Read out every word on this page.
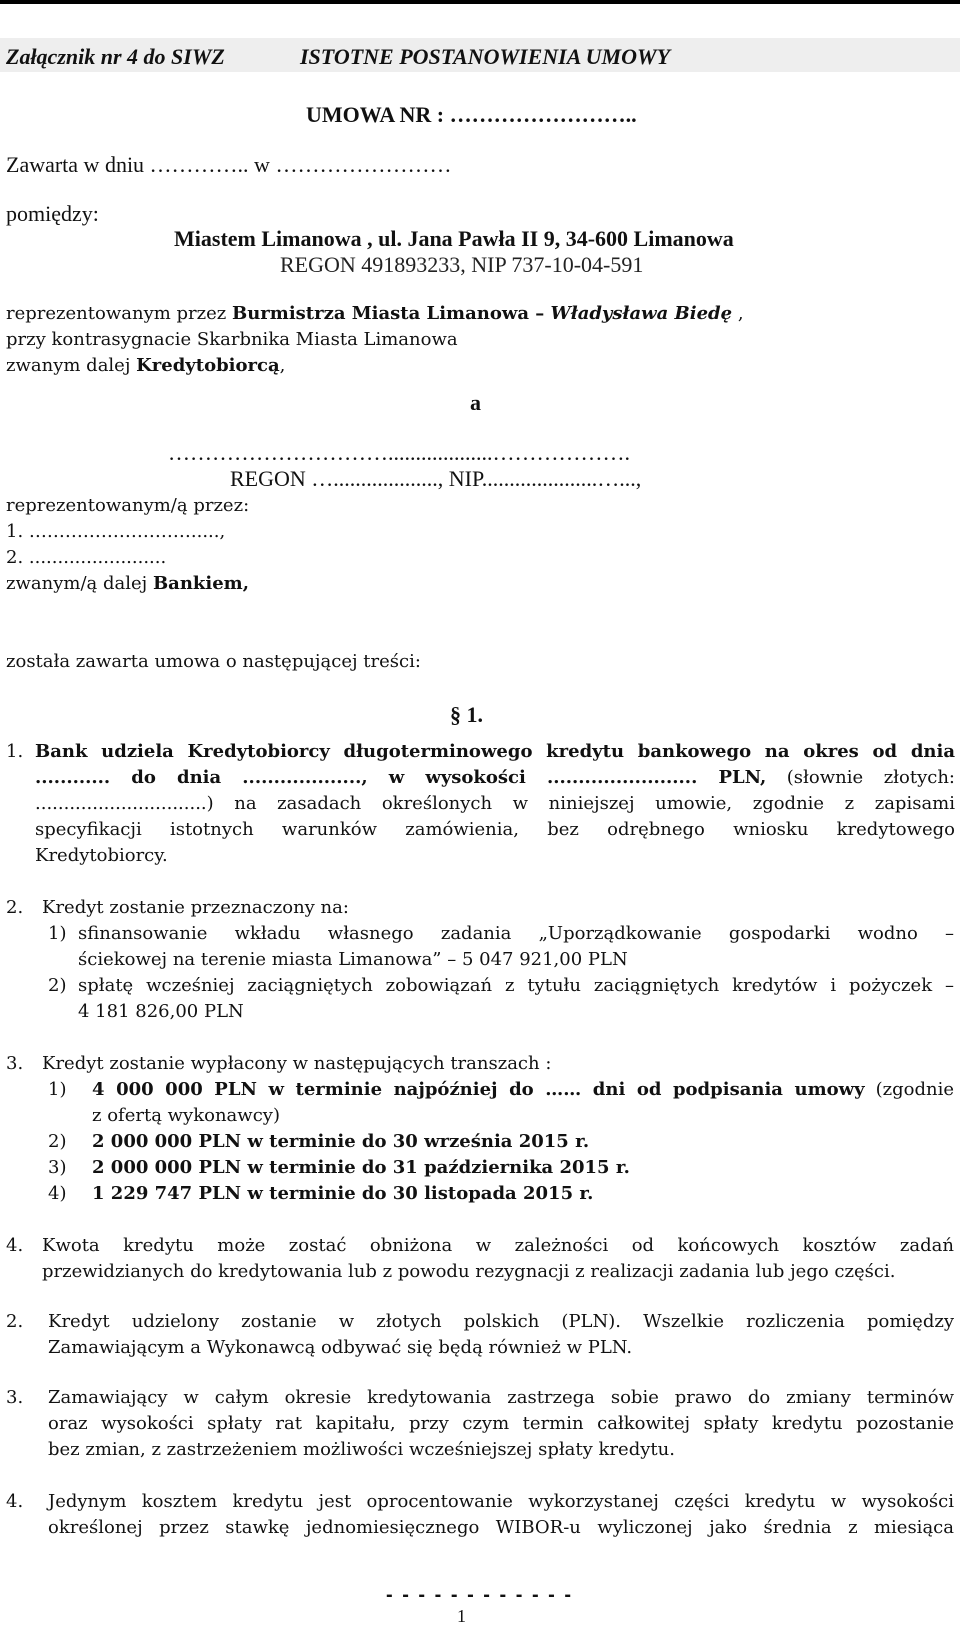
Załącznik nr 4 do SIWZ	ISTOTNE POSTANOWIENIA UMOWY
UMOWA NR : ……………………..
Zawarta w dniu ………….. w ……………………
pomiędzy:
Miastem Limanowa , ul. Jana Pawła II 9, 34-600 Limanowa
REGON 491893233, NIP 737-10-04-591
reprezentowanym przez Burmistrza Miasta Limanowa – Władysława Biedę ,
przy kontrasygnacie Skarbnika Miasta Limanowa
zwanym dalej Kredytobiorcą,
a
…………………………...................……………….
REGON …..................., NIP.....................…...,
reprezentowanym/ą przez:
1. ……………………….....,
2. ........................
zwanym/ą dalej Bankiem,
została zawarta umowa o następującej treści:
§ 1.
1. Bank udziela Kredytobiorcy długoterminowego kredytu bankowego na okres od dnia
............ do dnia ..................., w wysokości ........................ PLN, (słownie złotych:
..............................) na zasadach określonych w niniejszej umowie, zgodnie z zapisami
specyfikacji istotnych warunków zamówienia, bez odrębnego wniosku kredytowego
Kredytobiorcy.
2. Kredyt zostanie przeznaczony na:
1) sfinansowanie wkładu własnego zadania „Uporządkowanie gospodarki wodno –
ściekowej na terenie miasta Limanowa” – 5 047 921,00 PLN
2) spłatę wcześniej zaciągniętych zobowiązań z tytułu zaciągniętych kredytów i pożyczek –
4 181 826,00 PLN
3. Kredyt zostanie wypłacony w następujących transzach :
1) 4 000 000 PLN w terminie najpóźniej do …… dni od podpisania umowy (zgodnie
z ofertą wykonawcy)
2) 2 000 000 PLN w terminie do 30 września 2015 r.
3) 2 000 000 PLN w terminie do 31 października 2015 r.
4) 1 229 747 PLN w terminie do 30 listopada 2015 r.
4. Kwota kredytu może zostać obniżona w zależności od końcowych kosztów zadań
przewidzianych do kredytowania lub z powodu rezygnacji z realizacji zadania lub jego części.
2. Kredyt udzielony zostanie w złotych polskich (PLN). Wszelkie rozliczenia pomiędzy
Zamawiającym a Wykonawcą odbywać się będą również w PLN.
3. Zamawiający w całym okresie kredytowania zastrzega sobie prawo do zmiany terminów
oraz wysokości spłaty rat kapitału, przy czym termin całkowitej spłaty kredytu pozostanie
bez zmian, z zastrzeżeniem możliwości wcześniejszej spłaty kredytu.
4. Jedynym kosztem kredytu jest oprocentowanie wykorzystanej części kredytu w wysokości
określonej przez stawkę jednomiesięcznego WIBOR-u wyliczonej jako średnia z miesiąca
- - - - - - - - - - - -
1
